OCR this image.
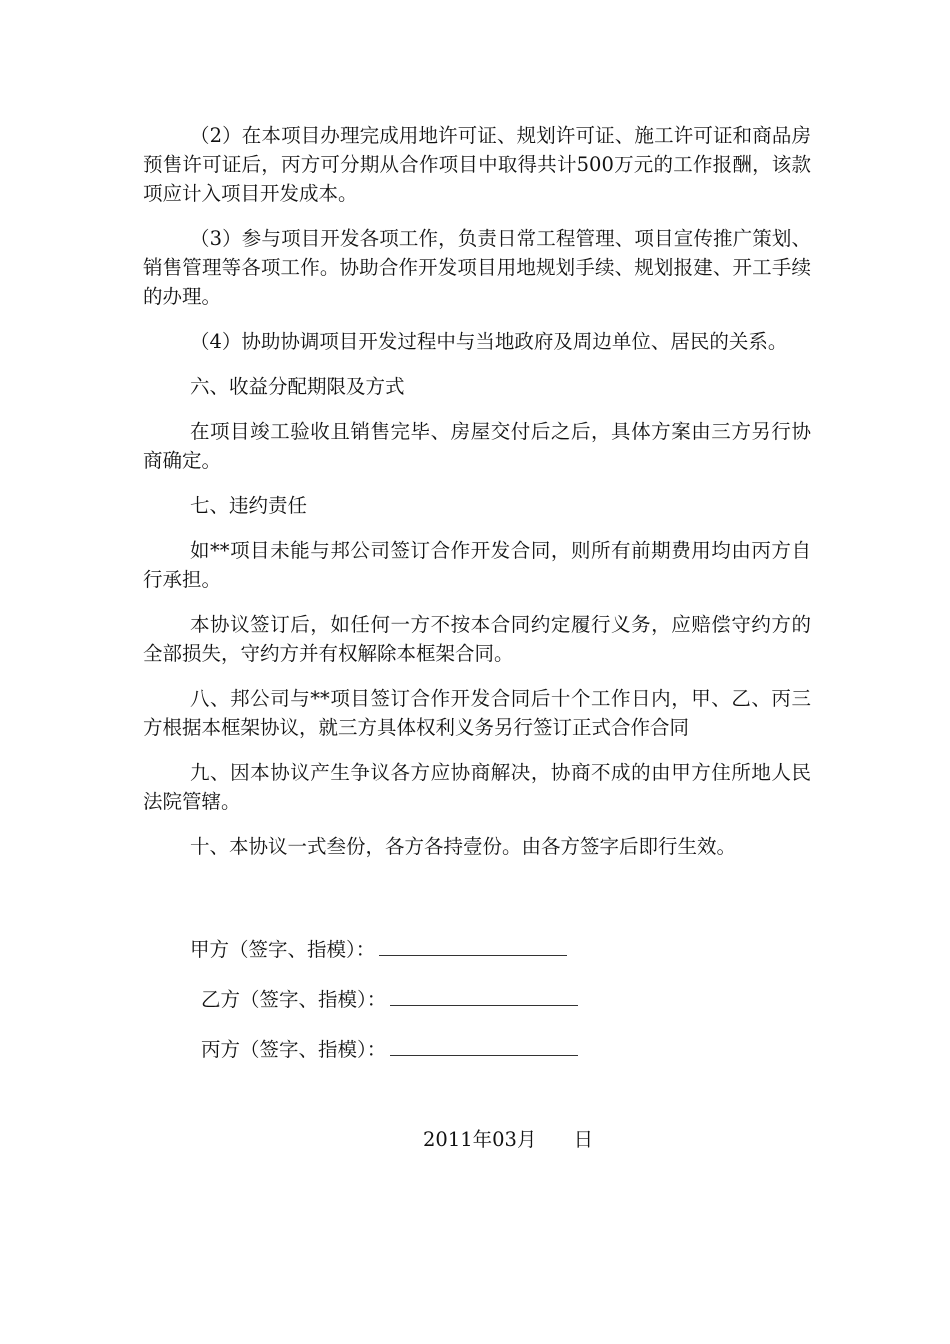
（2）在本项目办理完成用地许可证、规划许可证、施工许可证和商品房预售许可证后，丙方可分期从合作项目中取得共计500万元的工作报酬，该款项应计入项目开发成本。

（3）参与项目开发各项工作，负责日常工程管理、项目宣传推广策划、销售管理等各项工作。协助合作开发项目用地规划手续、规划报建、开工手续的办理。

（4）协助协调项目开发过程中与当地政府及周边单位、居民的关系。

六、收益分配期限及方式

在项目竣工验收且销售完毕、房屋交付后之后，具体方案由三方另行协商确定。

七、违约责任

如**项目未能与邦公司签订合作开发合同，则所有前期费用均由丙方自行承担。

本协议签订后，如任何一方不按本合同约定履行义务，应赔偿守约方的全部损失，守约方并有权解除本框架合同。

八、邦公司与**项目签订合作开发合同后十个工作日内，甲、乙、丙三方根据本框架协议，就三方具体权利义务另行签订正式合作合同

九、因本协议产生争议各方应协商解决，协商不成的由甲方住所地人民法院管辖。

十、本协议一式叁份，各方各持壹份。由各方签字后即行生效。

甲方（签字、指模）：
乙方（签字、指模）：
丙方（签字、指模）：
2011年03月      日
